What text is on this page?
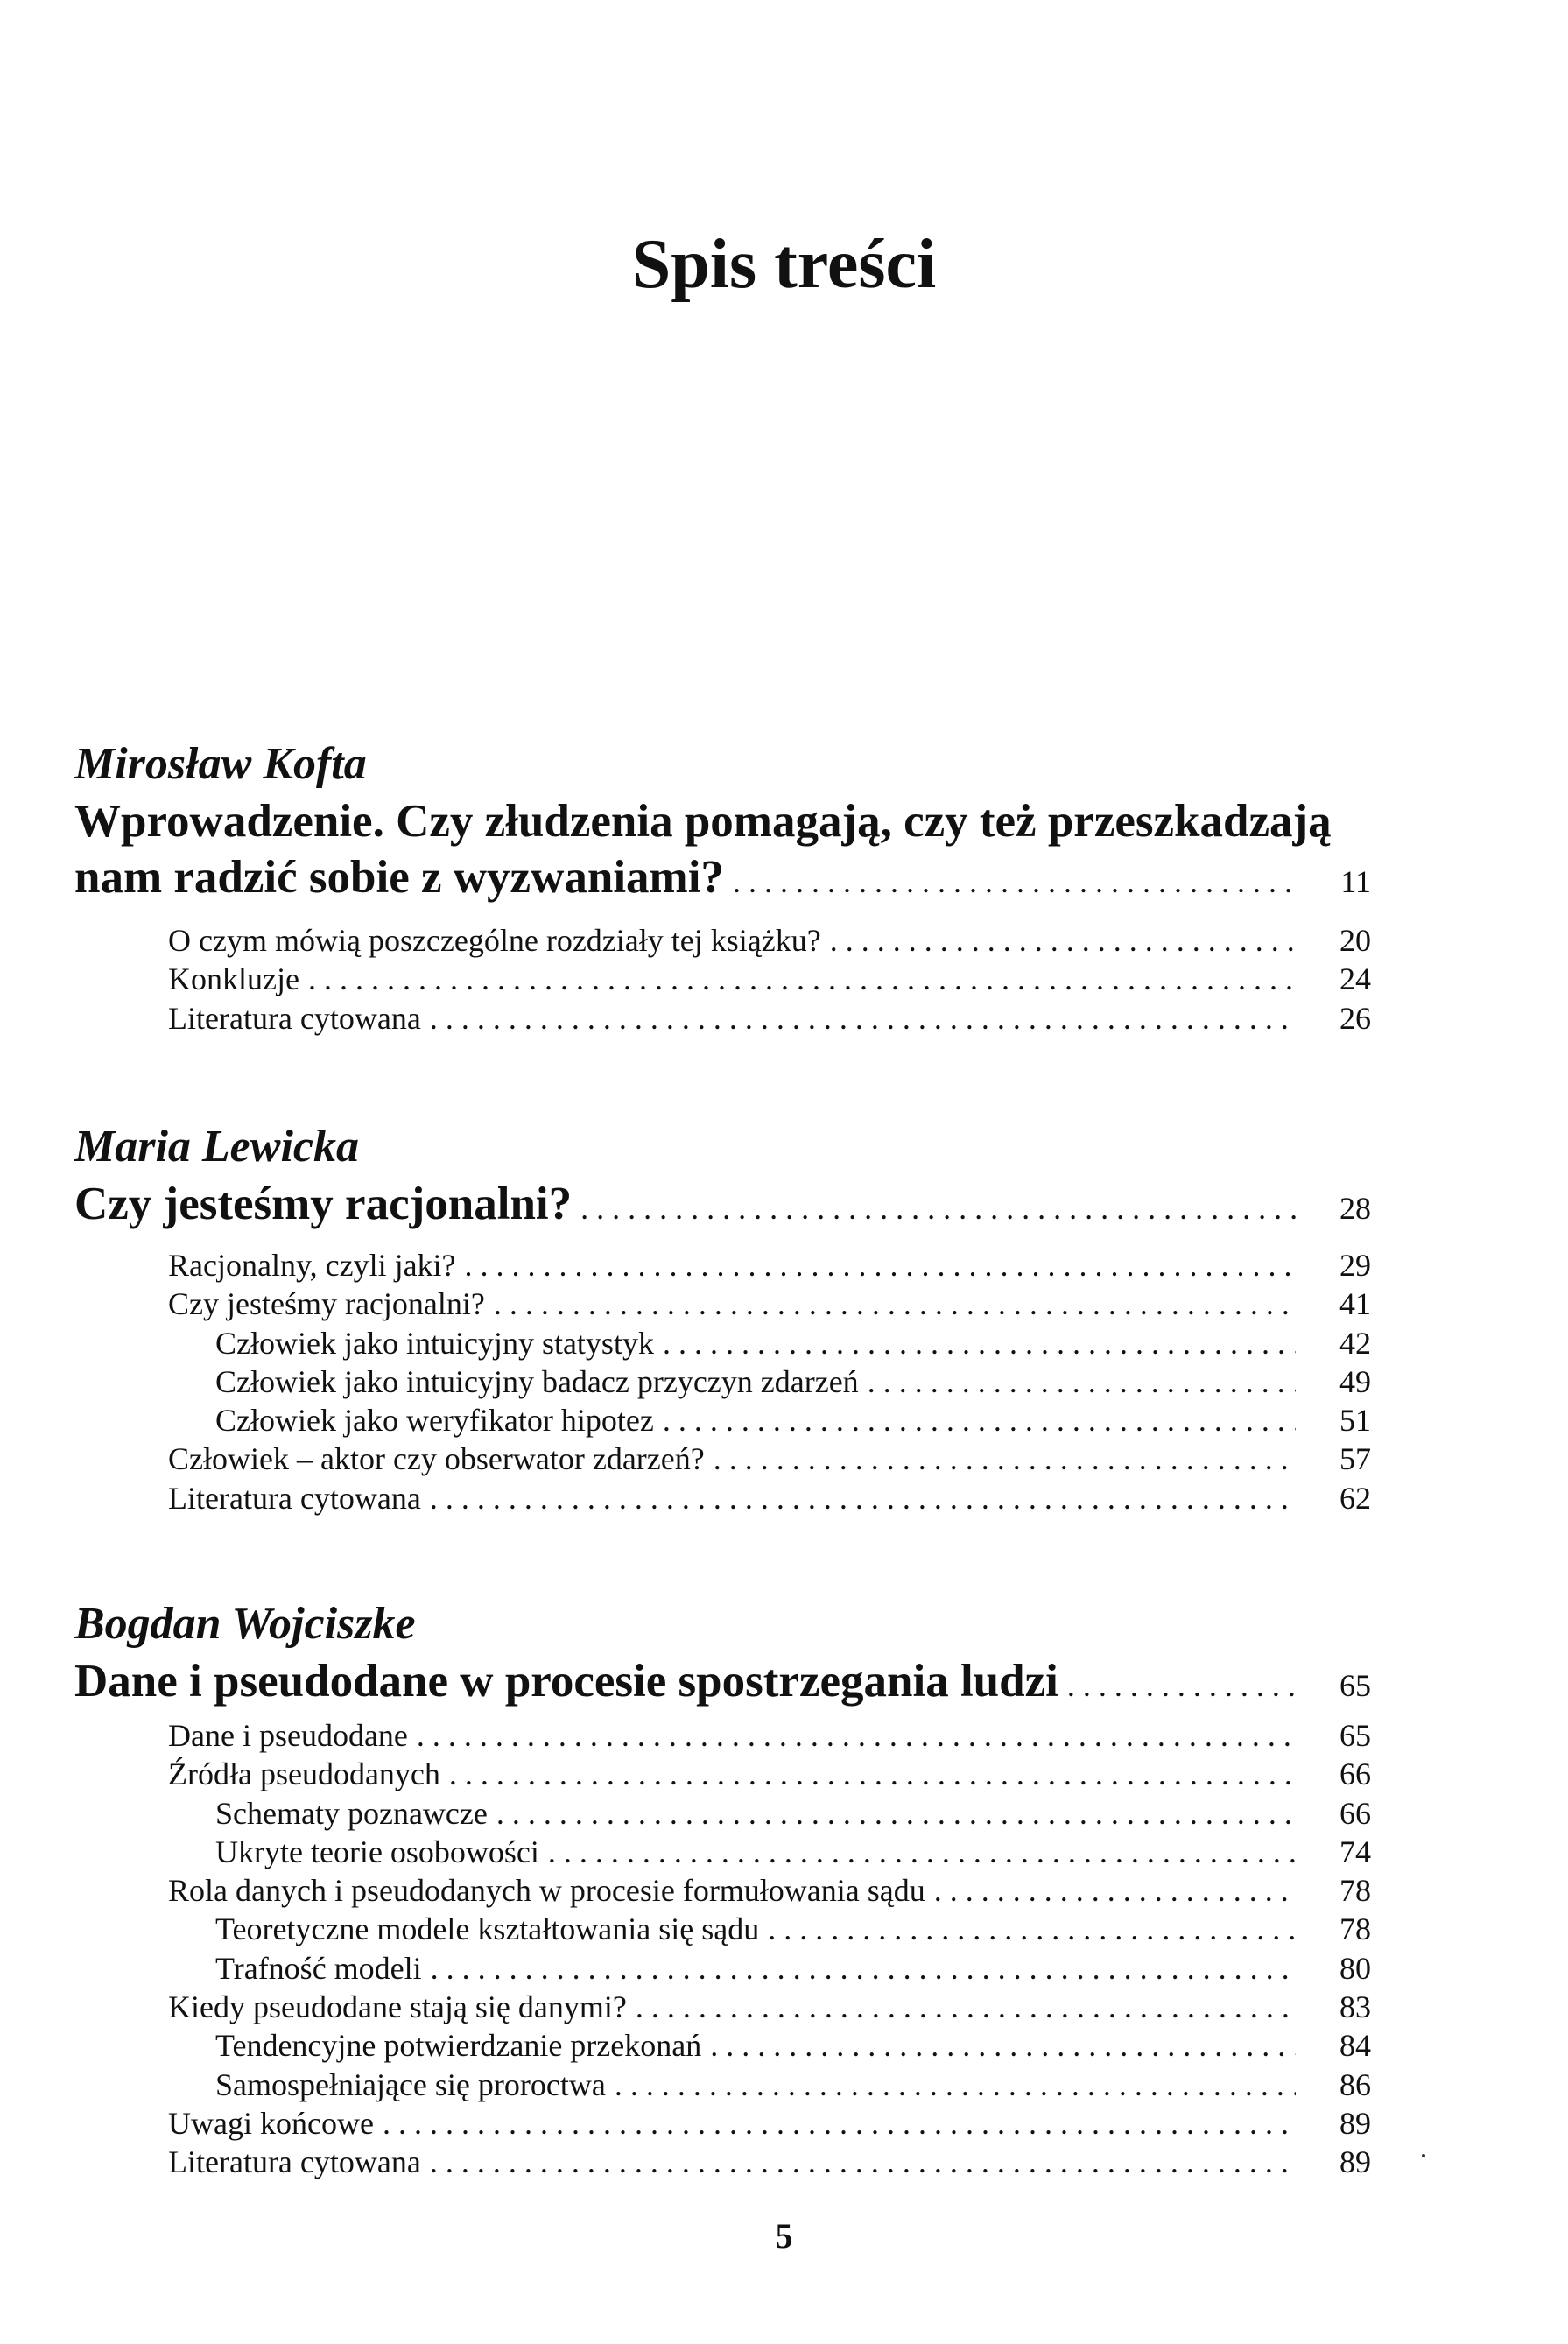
Spis treści
Mirosław Kofta
Wprowadzenie. Czy złudzenia pomagają, czy też przeszkadzają
nam radzić sobie z wyzwaniami? . . .	11
O czym mówią poszczególne rozdziały tej książku? . . .	20
Konkluzje . . .	24
Literatura cytowana . . .	26
Maria Lewicka
Czy jesteśmy racjonalni? . . .	28
Racjonalny, czyli jaki? . . .	29
Czy jesteśmy racjonalni? . . .	41
Człowiek jako intuicyjny statystyk . . .	42
Człowiek jako intuicyjny badacz przyczyn zdarzeń . . .	49
Człowiek jako weryfikator hipotez . . .	51
Człowiek – aktor czy obserwator zdarzeń? . . .	57
Literatura cytowana . . .	62
Bogdan Wojciszke
Dane i pseudodane w procesie spostrzegania ludzi . . .	65
Dane i pseudodane . . .	65
Źródła pseudodanych . . .	66
Schematy poznawcze . . .	66
Ukryte teorie osobowości . . .	74
Rola danych i pseudodanych w procesie formułowania sądu . . .	78
Teoretyczne modele kształtowania się sądu . . .	78
Trafność modeli . . .	80
Kiedy pseudodane stają się danymi? . . .	83
Tendencyjne potwierdzanie przekonań . . .	84
Samospełniające się proroctwa . . .	86
Uwagi końcowe . . .	89
Literatura cytowana . . .	89
5
